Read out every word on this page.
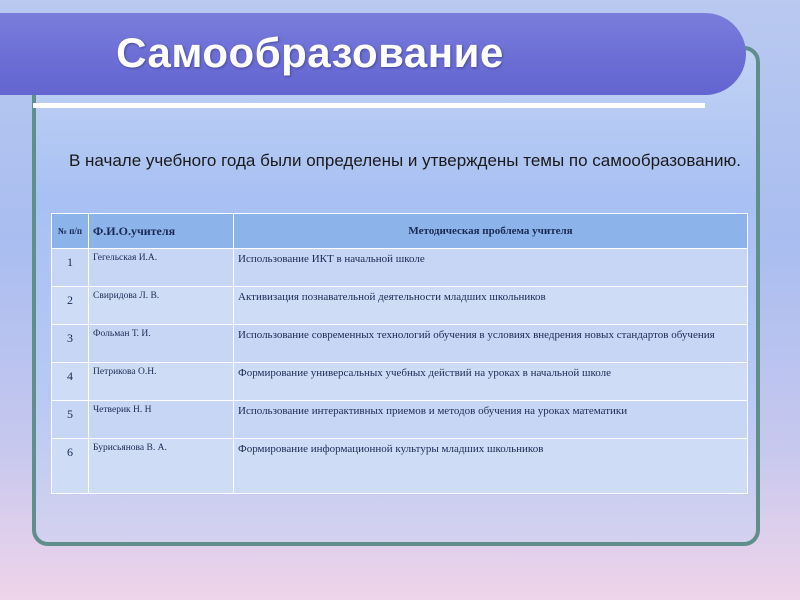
Самообразование
В начале учебного года были определены и утверждены темы по самообразованию.
№ п/п	Ф.И.О.учителя	Методическая проблема учителя
1	Гегельская И.А.	Использование ИКТ в начальной школе
2	Свиридова Л. В.	Активизация познавательной деятельности младших школьников
3	Фольман Т. И.	Использование современных технологий обучения в условиях внедрения новых стандартов обучения
4	Петрикова О.Н.	Формирование универсальных учебных действий на уроках в начальной школе
5	Четверик Н. Н	Использование интерактивных приемов и методов обучения на уроках математики
6	Бурисьянова В. А.	Формирование информационной культуры младших школьников
